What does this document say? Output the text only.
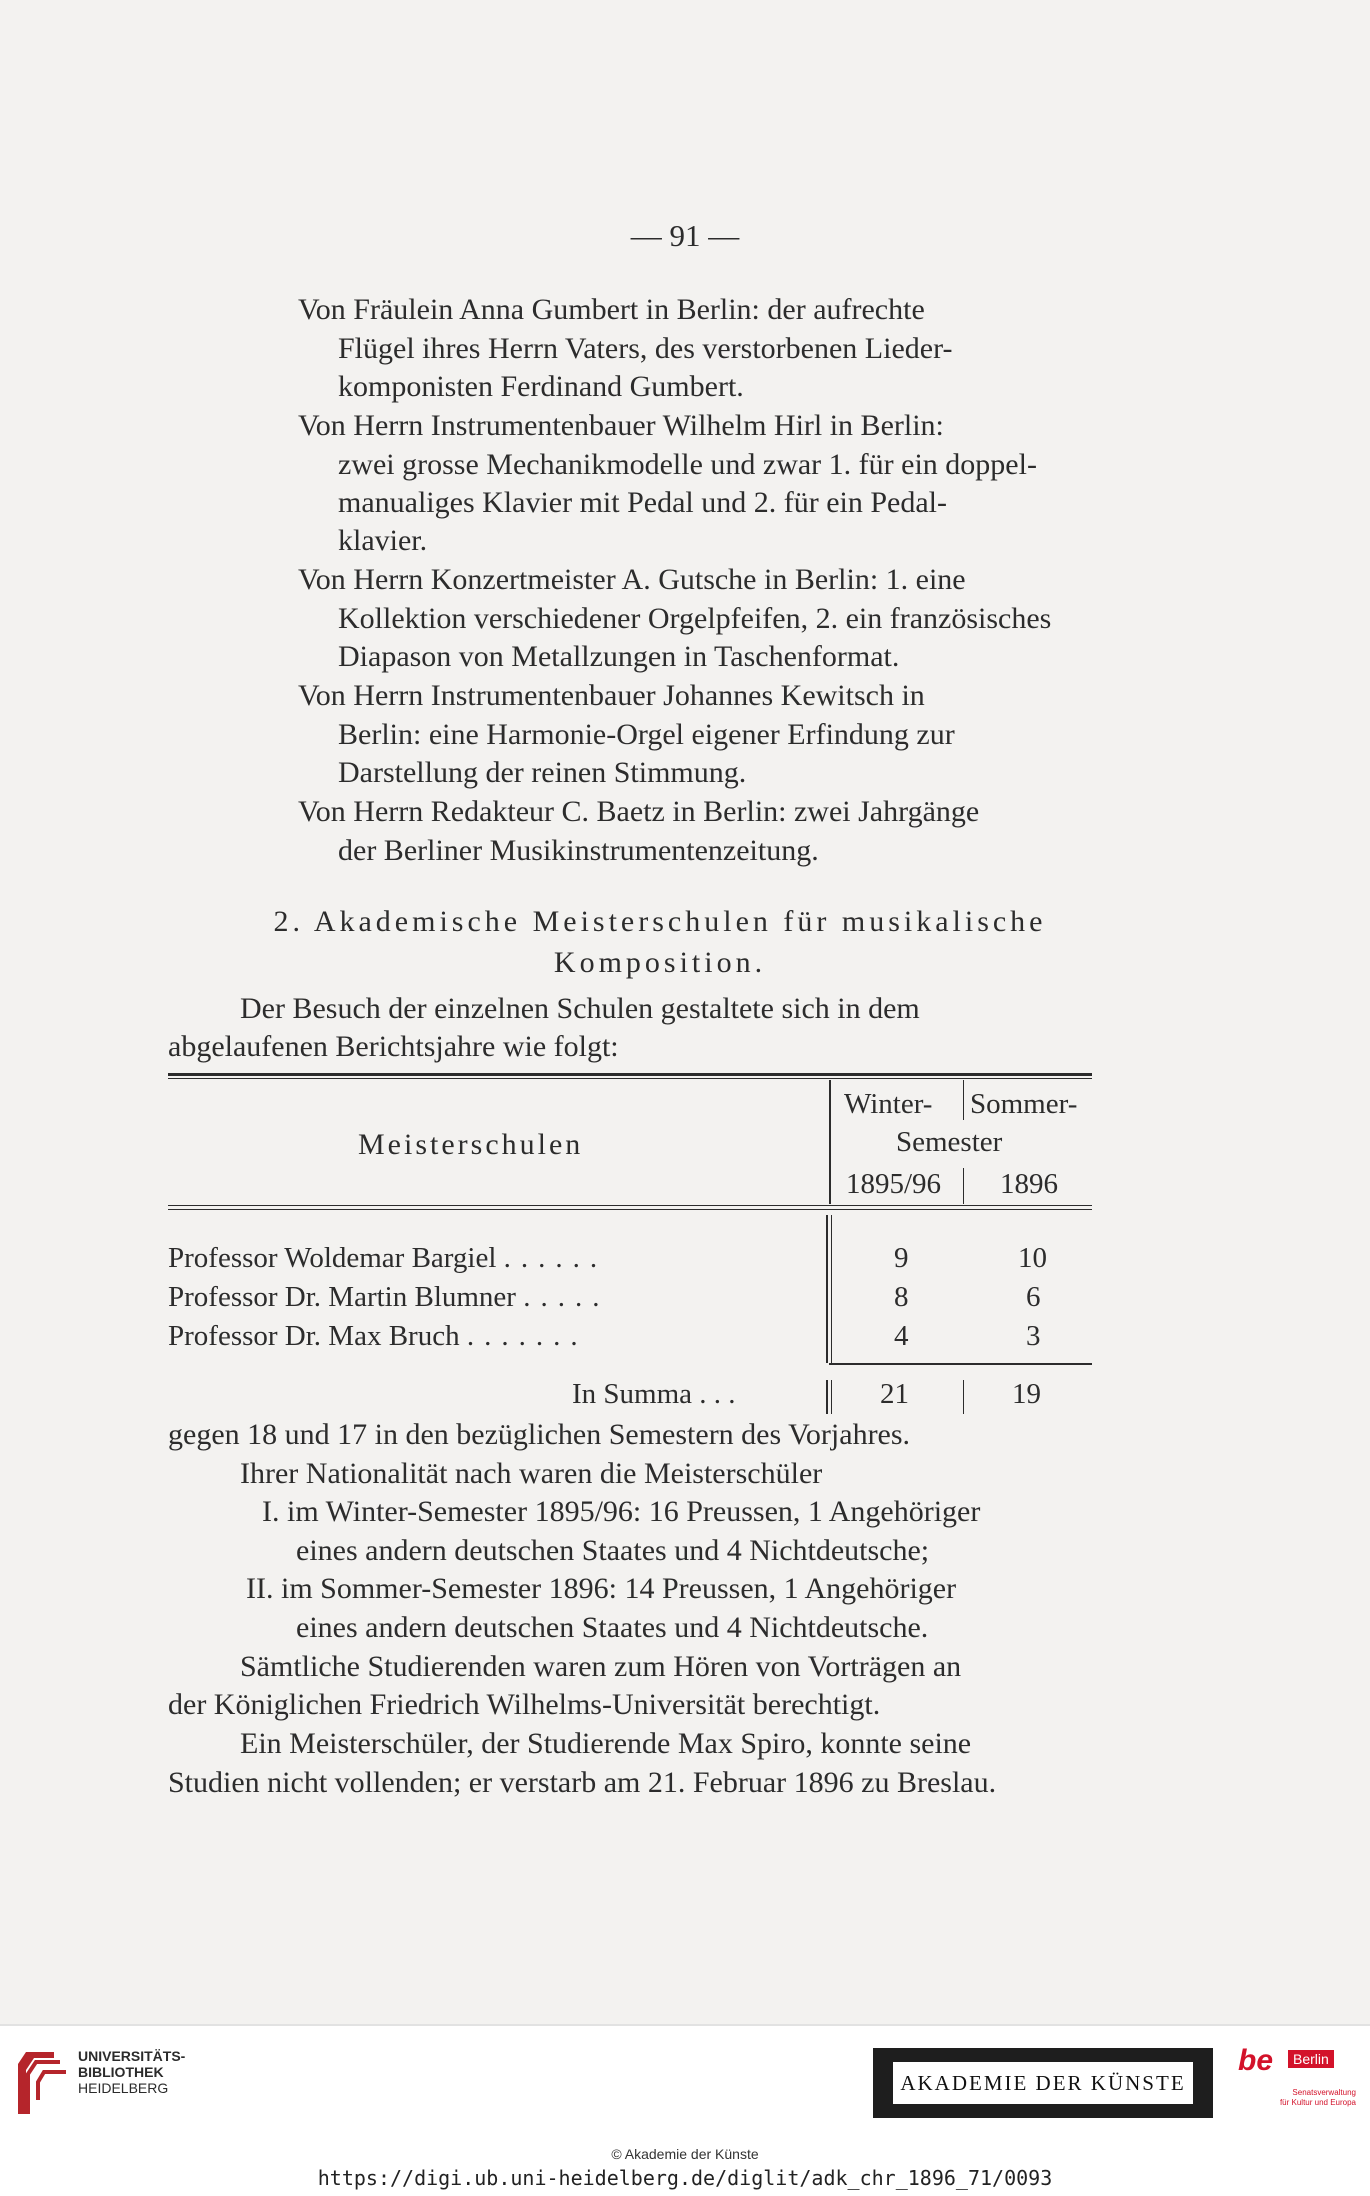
— 91 —
Von Fräulein Anna Gumbert in Berlin: der aufrechte
Flügel ihres Herrn Vaters, des verstorbenen Lieder-
komponisten Ferdinand Gumbert.
Von Herrn Instrumentenbauer Wilhelm Hirl in Berlin:
zwei grosse Mechanikmodelle und zwar 1. für ein doppel-
manualiges Klavier mit Pedal und 2. für ein Pedal-
klavier.
Von Herrn Konzertmeister A. Gutsche in Berlin: 1. eine
Kollektion verschiedener Orgelpfeifen, 2. ein französisches
Diapason von Metallzungen in Taschenformat.
Von Herrn Instrumentenbauer Johannes Kewitsch in
Berlin: eine Harmonie-Orgel eigener Erfindung zur
Darstellung der reinen Stimmung.
Von Herrn Redakteur C. Baetz in Berlin: zwei Jahrgänge
der Berliner Musikinstrumentenzeitung.
2. Akademische Meisterschulen für musikalische
Komposition.
Der Besuch der einzelnen Schulen gestaltete sich in dem
abgelaufenen Berichtsjahre wie folgt:
Meisterschulen
Winter- Sommer-
Semester
1895/96 1896
Professor Woldemar Bargiel ......	9	10
Professor Dr. Martin Blumner .....	8	6
Professor Dr. Max Bruch .......	4	3
In Summa . . .	21	19
gegen 18 und 17 in den bezüglichen Semestern des Vorjahres.
Ihrer Nationalität nach waren die Meisterschüler
I. im Winter-Semester 1895/96: 16 Preussen, 1 Angehöriger
eines andern deutschen Staates und 4 Nichtdeutsche;
II. im Sommer-Semester 1896: 14 Preussen, 1 Angehöriger
eines andern deutschen Staates und 4 Nichtdeutsche.
Sämtliche Studierenden waren zum Hören von Vorträgen an
der Königlichen Friedrich Wilhelms-Universität berechtigt.
Ein Meisterschüler, der Studierende Max Spiro, konnte seine
Studien nicht vollenden; er verstarb am 21. Februar 1896 zu Breslau.
UNIVERSITÄTS-
BIBLIOTHEK
HEIDELBERG	AKADEMIE DER KÜNSTE
be	Berlin
Senatsverwaltung
für Kultur und Europa
© Akademie der Künste
https://digi.ub.uni-heidelberg.de/diglit/adk_chr_1896_71/0093
